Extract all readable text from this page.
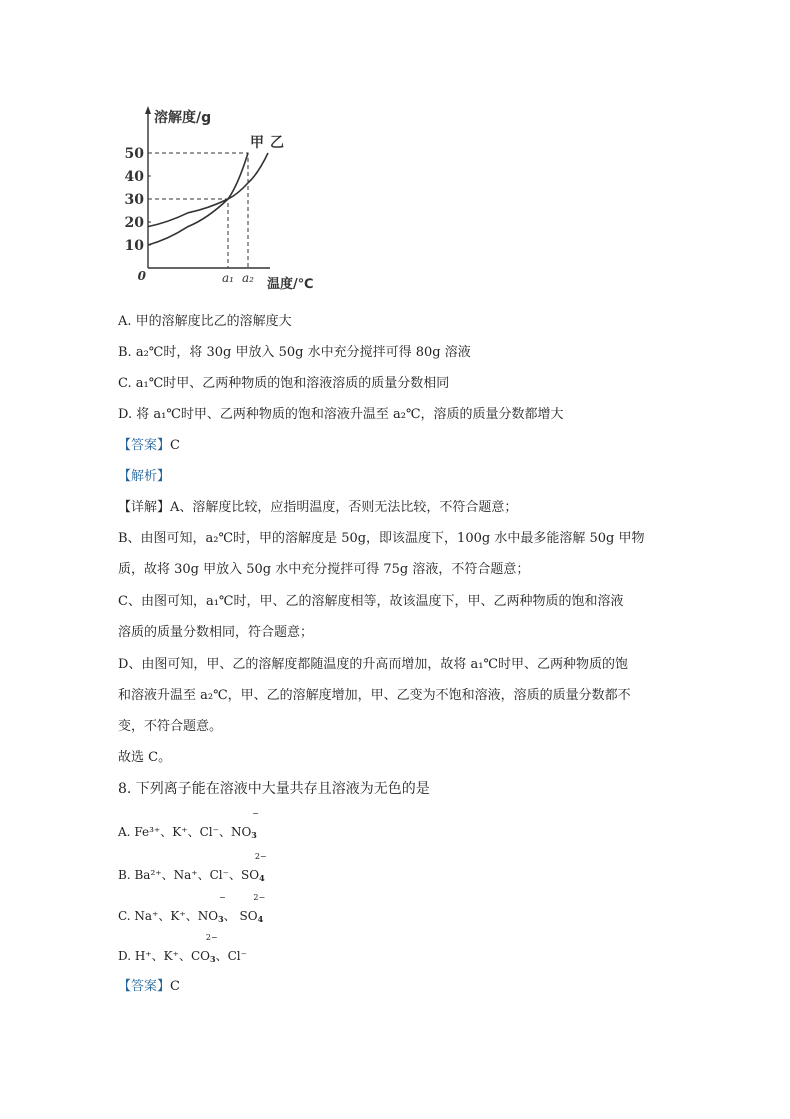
溶解度/g
温度/℃
0
50
40
30
20
10
a₁ a₂
甲 乙
A. 甲的溶解度比乙的溶解度大
B. a₂℃时，将 30g 甲放入 50g 水中充分搅拌可得 80g 溶液
C. a₁℃时甲、乙两种物质的饱和溶液溶质的质量分数相同
D. 将 a₁℃时甲、乙两种物质的饱和溶液升温至 a₂℃，溶质的质量分数都增大
【答案】C
【解析】
【详解】A、溶解度比较，应指明温度，否则无法比较，不符合题意；
B、由图可知，a₂℃时，甲的溶解度是 50g，即该温度下，100g 水中最多能溶解 50g 甲物
质，故将 30g 甲放入 50g 水中充分搅拌可得 75g 溶液，不符合题意；
C、由图可知，a₁℃时，甲、乙的溶解度相等，故该温度下，甲、乙两种物质的饱和溶液
溶质的质量分数相同，符合题意；
D、由图可知，甲、乙的溶解度都随温度的升高而增加，故将 a₁℃时甲、乙两种物质的饱
和溶液升温至 a₂℃，甲、乙的溶解度增加，甲、乙变为不饱和溶液，溶质的质量分数都不
变，不符合题意。
故选 C。
8. 下列离子能在溶液中大量共存且溶液为无色的是
A. Fe³⁺、K⁺、Cl⁻、$NO_3$
−
B. Ba²⁺、Na⁺、Cl⁻、$SO_4$
2−
C. Na⁺、K⁺、$NO_3$
−
、 $SO_4$
2−
D. H⁺、K⁺、$CO_3$
2−
、Cl⁻
【答案】C
